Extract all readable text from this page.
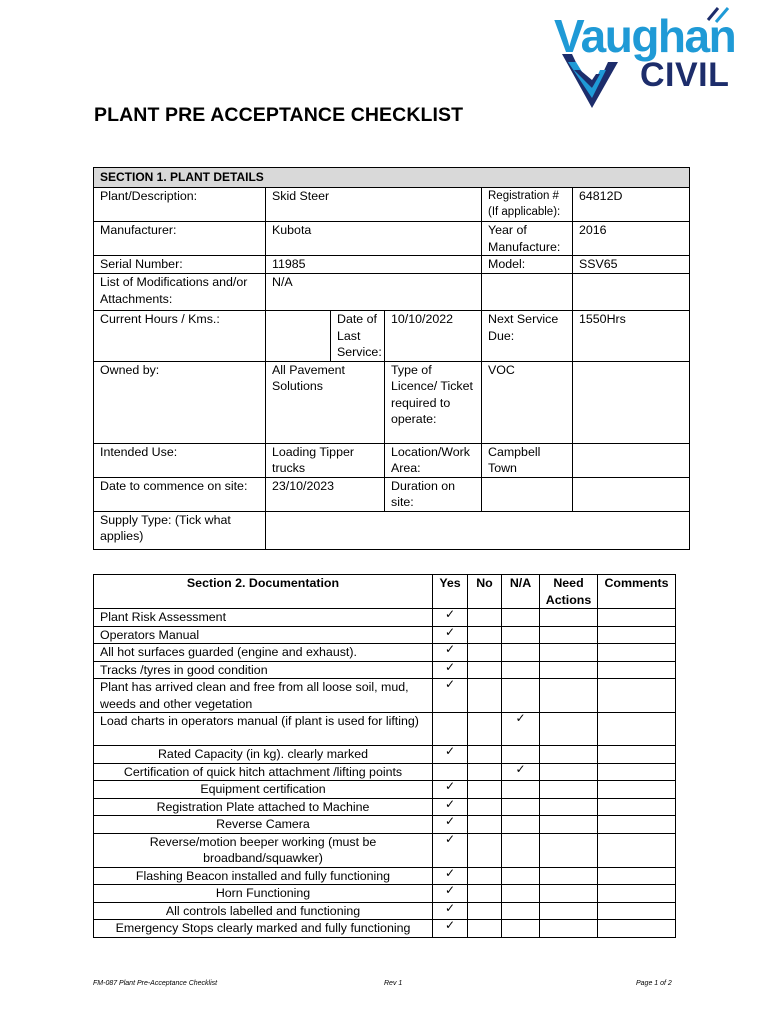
Vaughan
CIVIL
PLANT PRE ACCEPTANCE CHECKLIST
SECTION 1. PLANT DETAILS					
Plant/Description:	Skid Steer			Registration # (If applicable):	64812D
Manufacturer:	Kubota			Year of Manufacture:	2016
Serial Number:	11985			Model:	SSV65
List of Modifications and/or Attachments:	N/A				
Current Hours / Kms.:		Date of Last Service:	10/10/2022	Next Service Due:	1550Hrs
Owned by:	All Pavement Solutions		Type of Licence/ Ticket required to operate:	VOC	
Intended Use:	Loading Tipper trucks		Location/Work Area:	Campbell Town	
Date to commence on site:	23/10/2023		Duration on site:		
Supply Type: (Tick what applies)					
Section 2. Documentation	Yes	No	N/A	Need Actions	Comments
Plant Risk Assessment	✓				
Operators Manual	✓				
All hot surfaces guarded (engine and exhaust).	✓				
Tracks /tyres in good condition	✓				
Plant has arrived clean and free from all loose soil, mud, weeds and other vegetation	✓				
Load charts in operators manual (if plant is used for lifting)			✓		
Rated Capacity (in kg). clearly marked	✓				
Certification of quick hitch attachment /lifting points			✓		
Equipment certification	✓				
Registration Plate attached to Machine	✓				
Reverse Camera	✓				
Reverse/motion beeper working (must be broadband/squawker)	✓				
Flashing Beacon installed and fully functioning	✓				
Horn Functioning	✓				
All controls labelled and functioning	✓				
Emergency Stops clearly marked and fully functioning	✓				
FM-087 Plant Pre-Acceptance Checklist	Rev 1	Page 1 of 2
